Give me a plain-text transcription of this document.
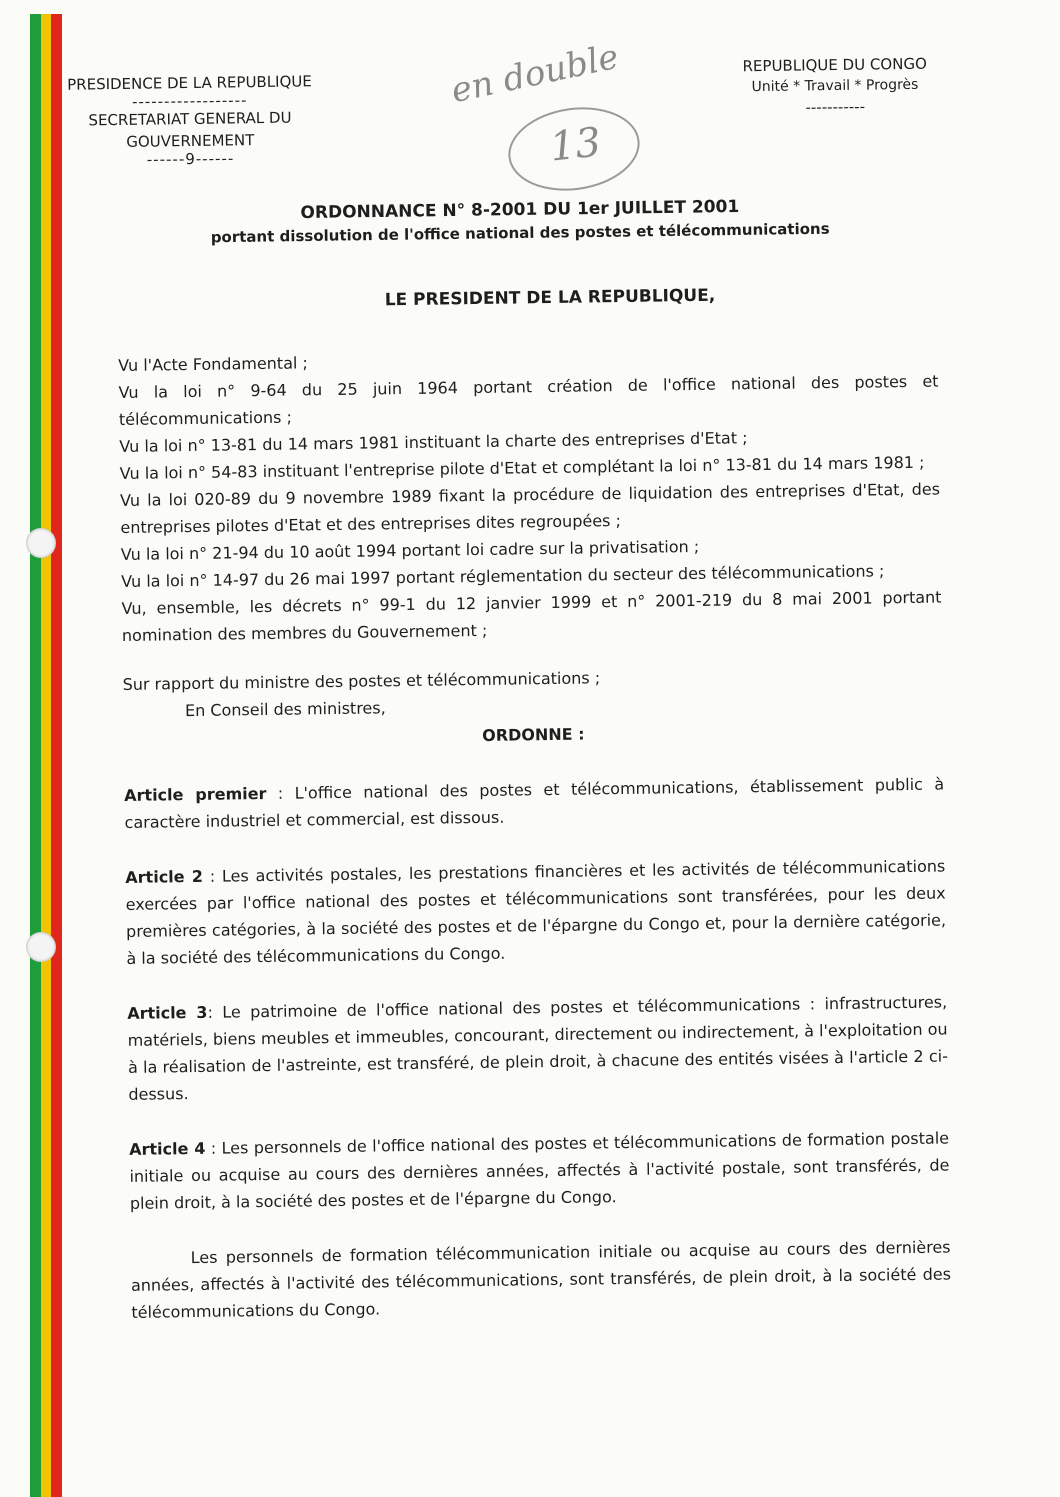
PRESIDENCE DE LA REPUBLIQUE
------------------
SECRETARIAT GENERAL DU
GOUVERNEMENT
------9------
REPUBLIQUE DU CONGO
Unité * Travail * Progrès
-----------
en double
13
ORDONNANCE N° 8-2001 DU 1er JUILLET 2001
portant dissolution de l'office national des postes et télécommunications
LE PRESIDENT DE LA REPUBLIQUE,

Vu l'Acte Fondamental ;

Vu la loi n° 9-64 du 25 juin 1964 portant création de l'office national des postes et télécommunications ;

Vu la loi n° 13-81 du 14 mars 1981 instituant la charte des entreprises d'Etat ;

Vu la loi n° 54-83 instituant l'entreprise pilote d'Etat et complétant la loi n° 13-81 du 14 mars 1981 ;

Vu la loi 020-89 du 9 novembre 1989 fixant la procédure de liquidation des entreprises d'Etat, des entreprises pilotes d'Etat et des entreprises dites regroupées ;

Vu la loi n° 21-94 du 10 août 1994 portant loi cadre sur la privatisation ;

Vu la loi n° 14-97 du 26 mai 1997 portant réglementation du secteur des télécommunications ;

Vu, ensemble, les décrets n° 99-1 du 12 janvier 1999 et n° 2001-219 du 8 mai 2001 portant nomination des membres du Gouvernement ;

Sur rapport du ministre des postes et télécommunications ;

En Conseil des ministres,

ORDONNE :

Article premier : L'office national des postes et télécommunications, établissement public à caractère industriel et commercial, est dissous.

Article 2 : Les activités postales, les prestations financières et les activités de télécommunications exercées par l'office national des postes et télécommunications sont transférées, pour les deux premières catégories, à la société des postes et de l'épargne du Congo et, pour la dernière catégorie, à la société des télécommunications du Congo.

Article 3: Le patrimoine de l'office national des postes et télécommunications : infrastructures, matériels, biens meubles et immeubles, concourant, directement ou indirectement, à l'exploitation ou à la réalisation de l'astreinte, est transféré, de plein droit, à chacune des entités visées à l'article 2 ci-dessus.

Article 4 : Les personnels de l'office national des postes et télécommunications de formation postale initiale ou acquise au cours des dernières années, affectés à l'activité postale, sont transférés, de plein droit, à la société des postes et de l'épargne du Congo.

Les personnels de formation télécommunication initiale ou acquise au cours des dernières années, affectés à l'activité des télécommunications, sont transférés, de plein droit, à la société des télécommunications du Congo.
